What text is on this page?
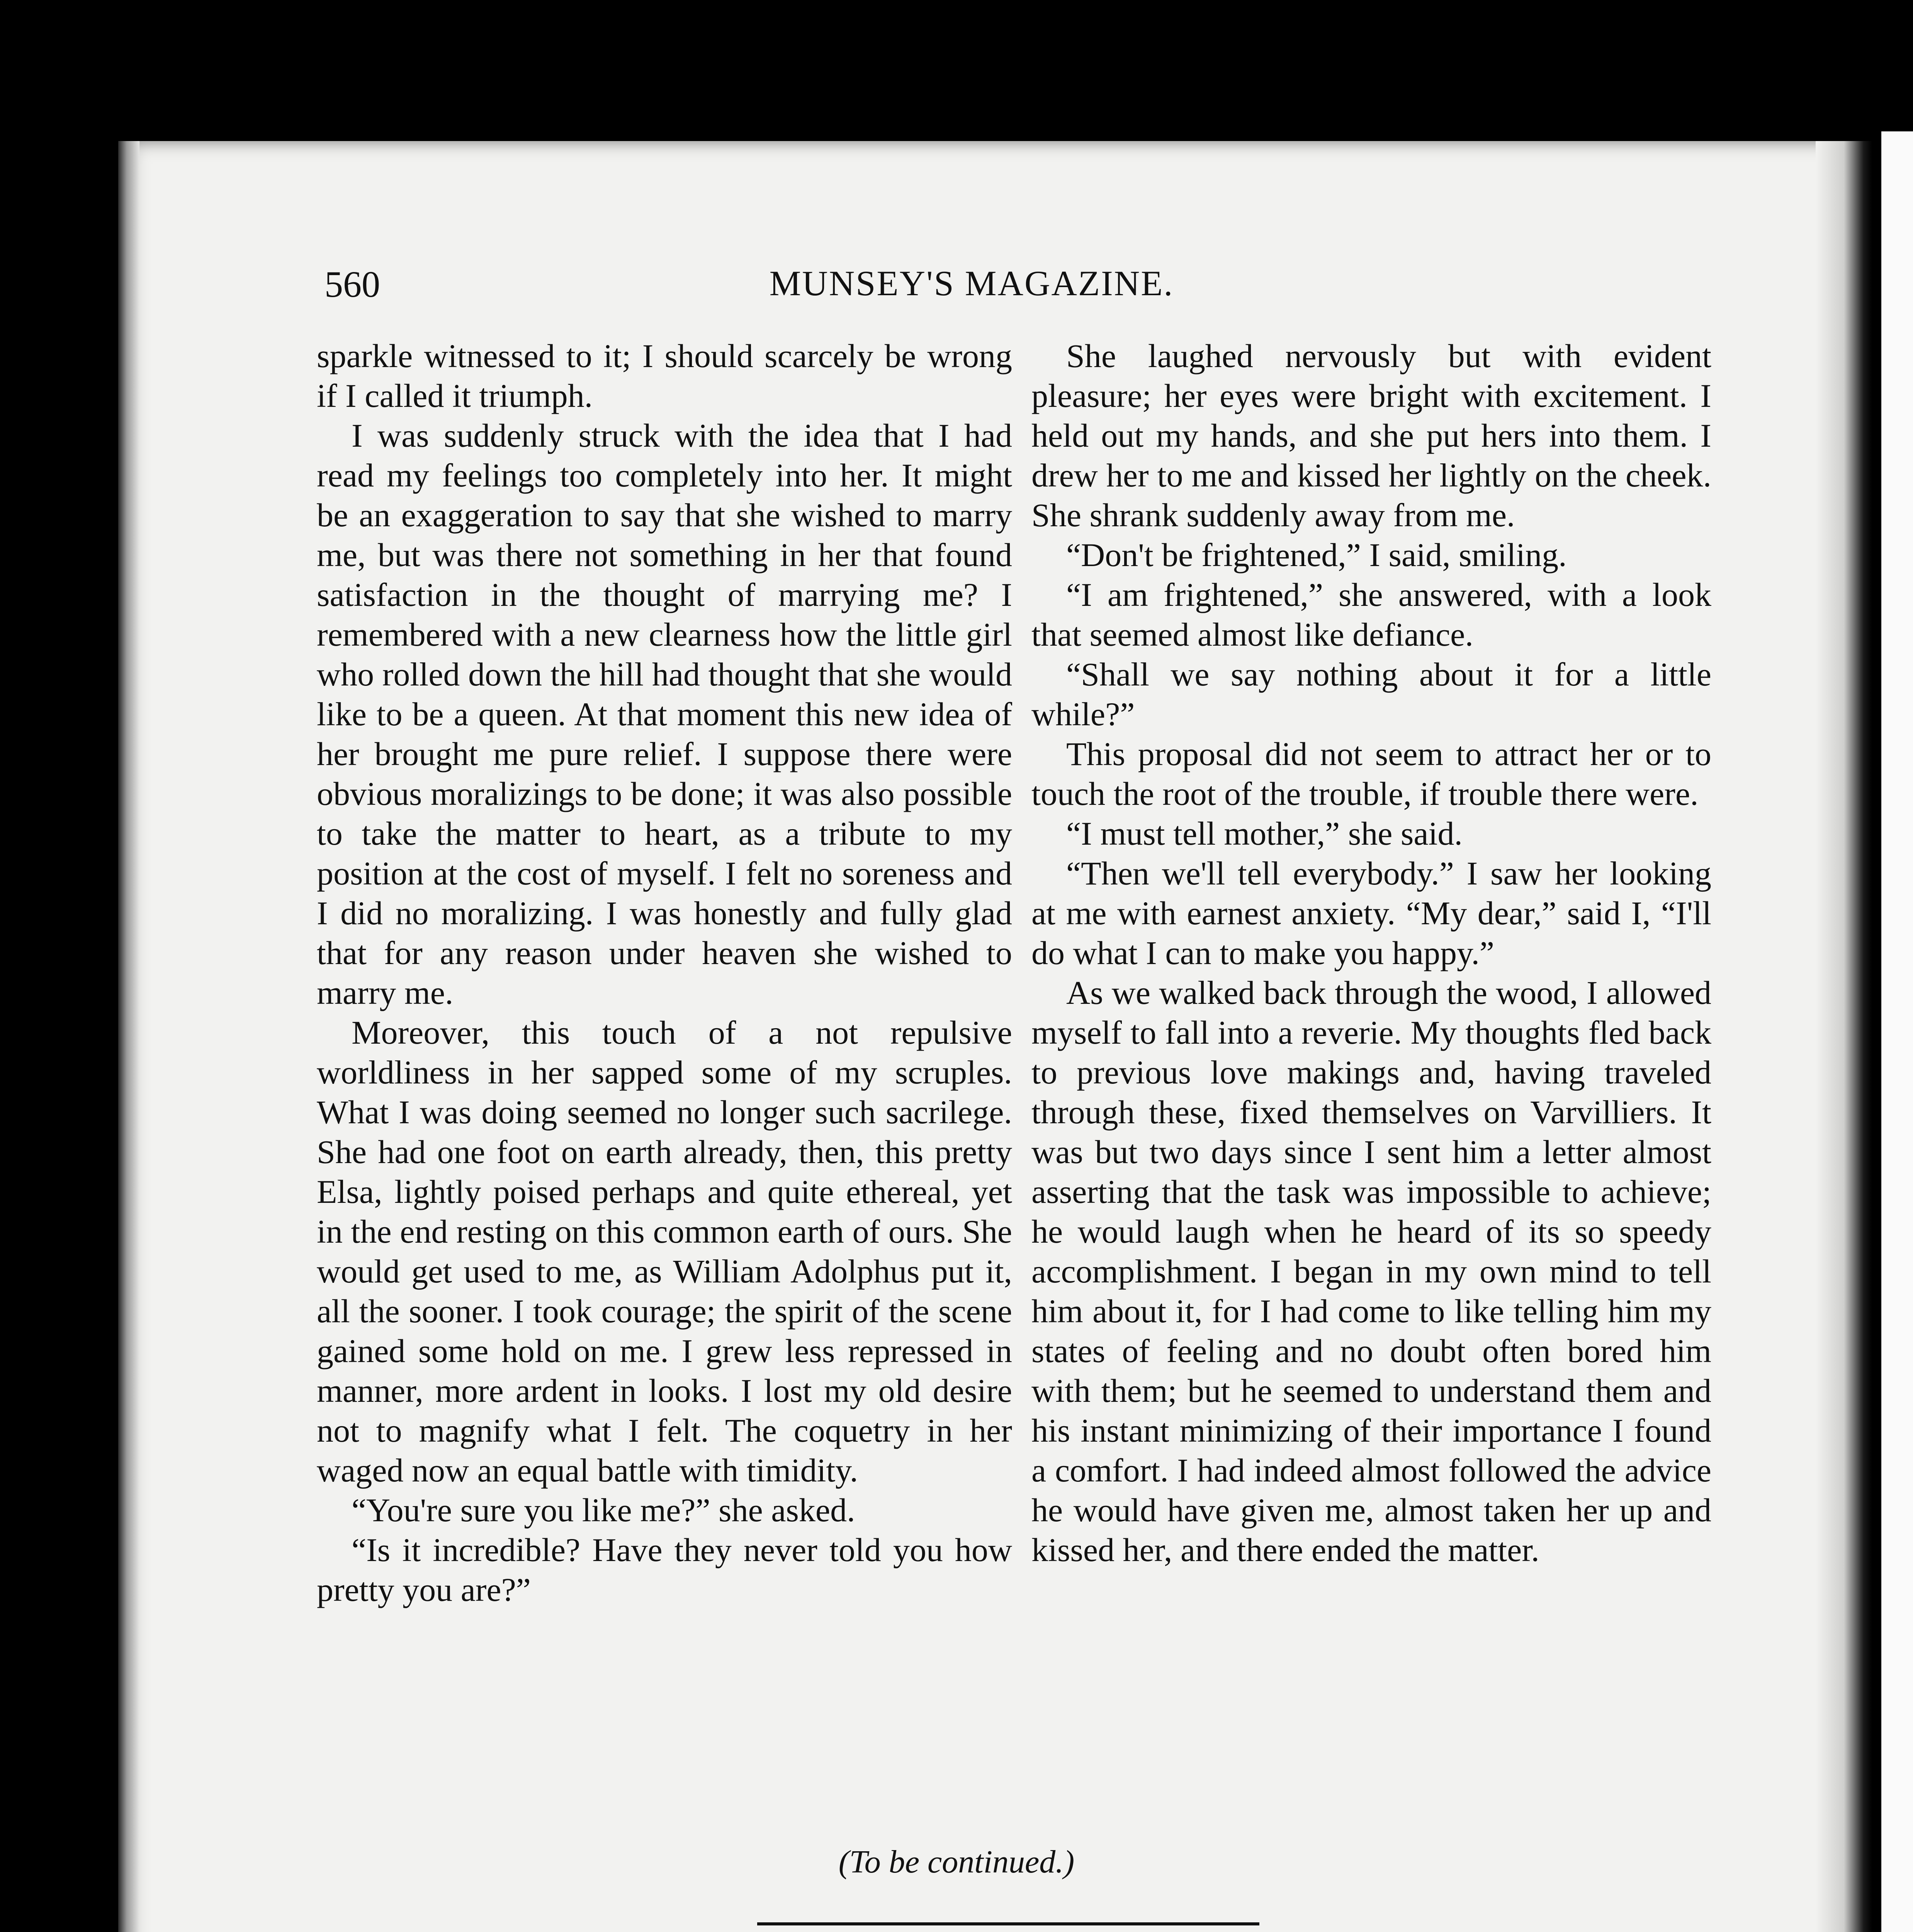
560	MUNSEY'S MAGAZINE.

sparkle witnessed to it; I should scarcely be wrong if I called it triumph.

I was suddenly struck with the idea that I had read my feelings too completely into her. It might be an exaggeration to say that she wished to marry me, but was there not something in her that found satisfaction in the thought of marrying me? I remembered with a new clearness how the little girl who rolled down the hill had thought that she would like to be a queen. At that moment this new idea of her brought me pure relief. I suppose there were obvious moralizings to be done; it was also possible to take the matter to heart, as a tribute to my position at the cost of myself. I felt no soreness and I did no moralizing. I was honestly and fully glad that for any reason under heaven she wished to marry me.

Moreover, this touch of a not repulsive worldliness in her sapped some of my scruples. What I was doing seemed no longer such sacrilege. She had one foot on earth already, then, this pretty Elsa, lightly poised perhaps and quite ethereal, yet in the end resting on this common earth of ours. She would get used to me, as William Adolphus put it, all the sooner. I took courage; the spirit of the scene gained some hold on me. I grew less repressed in manner, more ardent in looks. I lost my old desire not to magnify what I felt. The coquetry in her waged now an equal battle with timidity.

“You're sure you like me?” she asked.

“Is it incredible? Have they never told you how pretty you are?”

She laughed nervously but with evident pleasure; her eyes were bright with excitement. I held out my hands, and she put hers into them. I drew her to me and kissed her lightly on the cheek. She shrank suddenly away from me.

“Don't be frightened,” I said, smiling.

“I am frightened,” she answered, with a look that seemed almost like defiance.

“Shall we say nothing about it for a little while?”

This proposal did not seem to attract her or to touch the root of the trouble, if trouble there were.

“I must tell mother,” she said.

“Then we'll tell everybody.” I saw her looking at me with earnest anxiety. “My dear,” said I, “I'll do what I can to make you happy.”

As we walked back through the wood, I allowed myself to fall into a reverie. My thoughts fled back to previous love makings and, having traveled through these, fixed themselves on Varvilliers. It was but two days since I sent him a letter almost asserting that the task was impossible to achieve; he would laugh when he heard of its so speedy accomplishment. I began in my own mind to tell him about it, for I had come to like telling him my states of feeling and no doubt often bored him with them; but he seemed to understand them and his instant minimizing of their importance I found a comfort. I had indeed almost followed the advice he would have given me, almost taken her up and kissed her, and there ended the matter.

(To be continued.)
